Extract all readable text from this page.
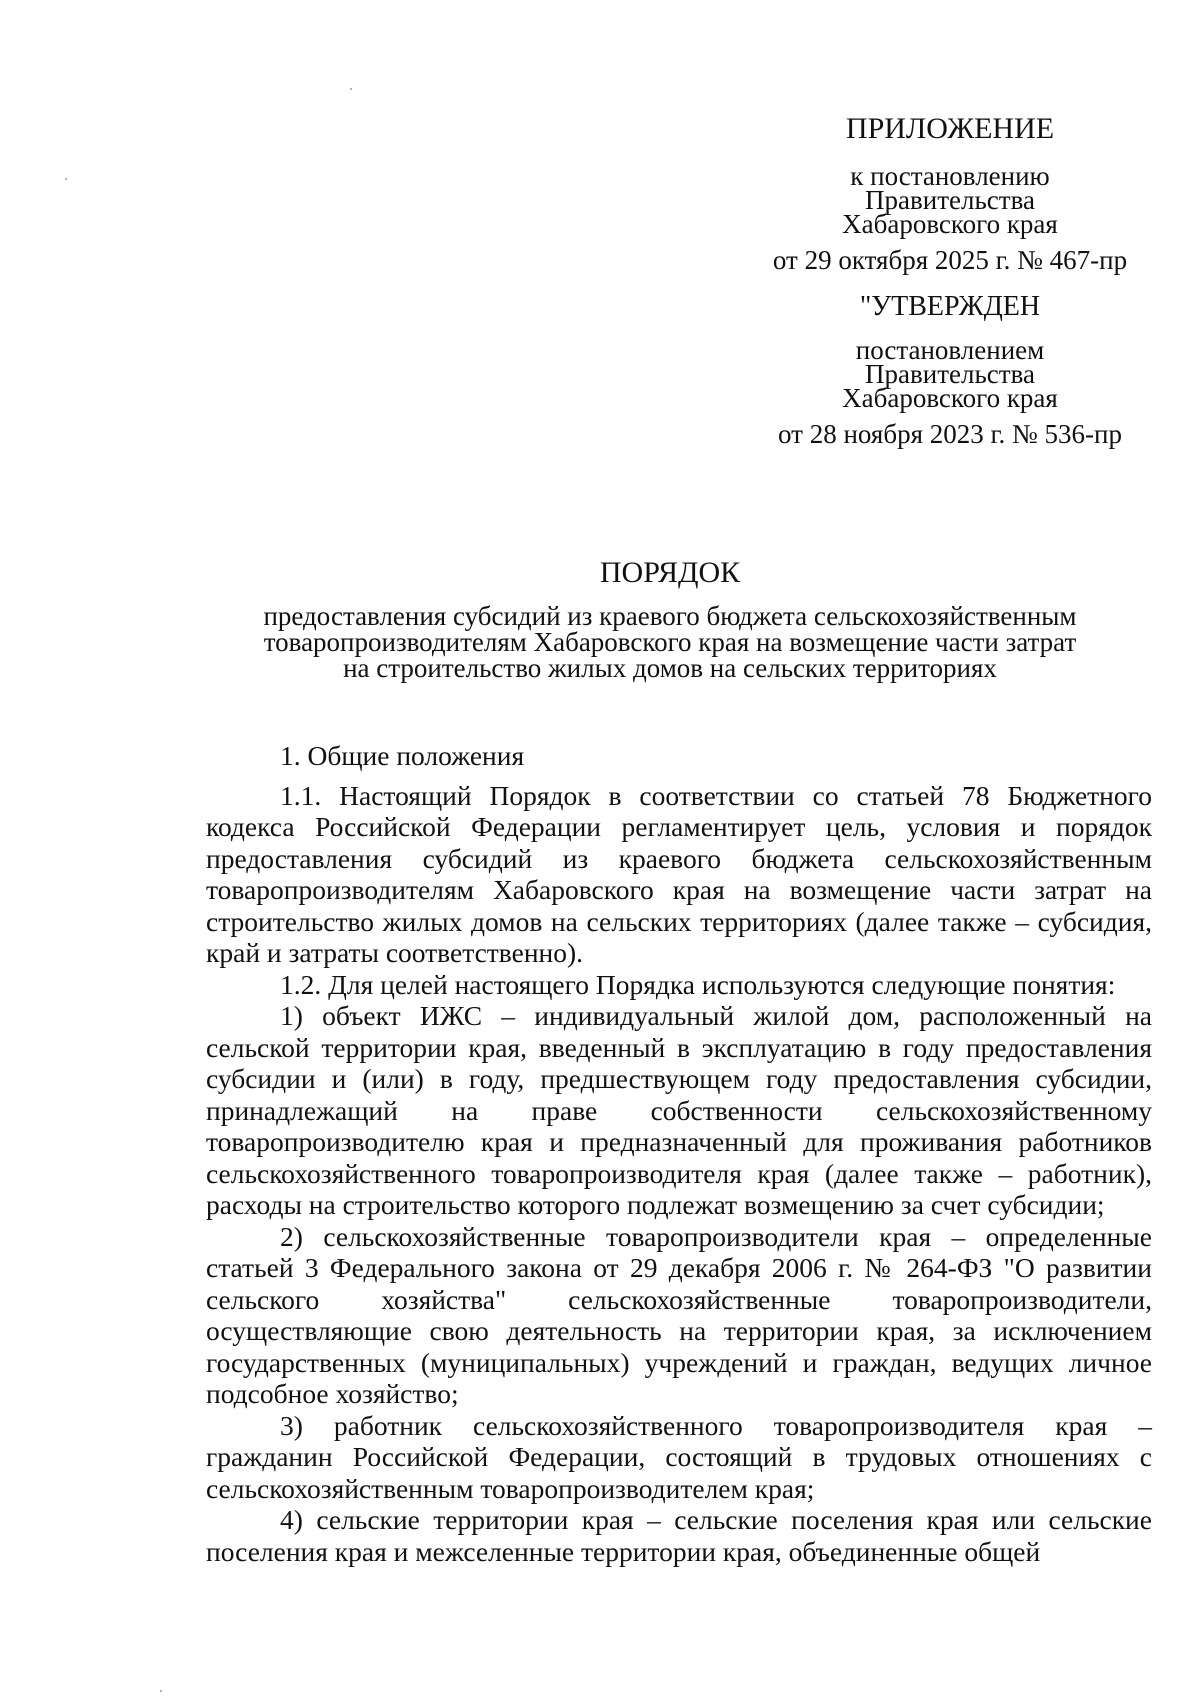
ПРИЛОЖЕНИЕ
к постановлению
Правительства
Хабаровского края
от 29 октября 2025 г. № 467-пр
"УТВЕРЖДЕН
постановлением
Правительства
Хабаровского края
от 28 ноября 2023 г. № 536-пр
ПОРЯДОК
предоставления субсидий из краевого бюджета сельскохозяйственным
товаропроизводителям Хабаровского края на возмещение части затрат
на строительство жилых домов на сельских территориях
1. Общие положения

1.1. Настоящий Порядок в соответствии со статьей 78 Бюджетного кодекса Российской Федерации регламентирует цель, условия и порядок предоставления субсидий из краевого бюджета сельскохозяйственным товаропроизводителям Хабаровского края на возмещение части затрат на строительство жилых домов на сельских территориях (далее также – субсидия, край и затраты соответственно).

1.2. Для целей настоящего Порядка используются следующие понятия:

1) объект ИЖС – индивидуальный жилой дом, расположенный на сельской территории края, введенный в эксплуатацию в году предоставления субсидии и (или) в году, предшествующем году предоставления субсидии, принадлежащий на праве собственности сельскохозяйственному товаропроизводителю края и предназначенный для проживания работников сельскохозяйственного товаропроизводителя края (далее также – работник), расходы на строительство которого подлежат возмещению за счет субсидии;

2) сельскохозяйственные товаропроизводители края – определенные статьей 3 Федерального закона от 29 декабря 2006 г. № 264-ФЗ "О развитии сельского хозяйства" сельскохозяйственные товаропроизводители, осуществляющие свою деятельность на территории края, за исключением государственных (муниципальных) учреждений и граждан, ведущих личное подсобное хозяйство;

3) работник сельскохозяйственного товаропроизводителя края – гражданин Российской Федерации, состоящий в трудовых отношениях с сельскохозяйственным товаропроизводителем края;

4) сельские территории края – сельские поселения края или сельские поселения края и межселенные территории края, объединенные общей
